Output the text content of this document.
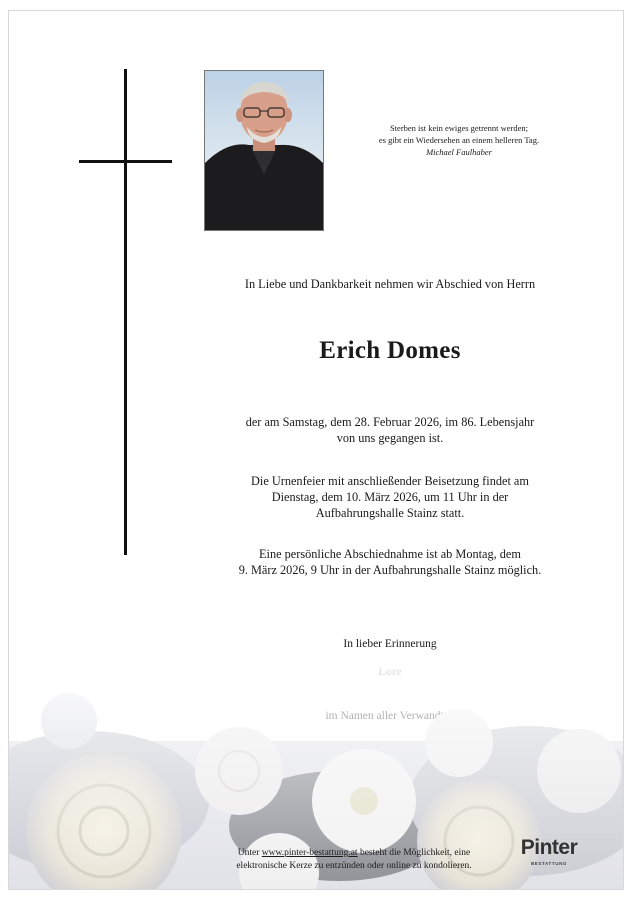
Sterben ist kein ewiges getrennt werden;
es gibt ein Wiedersehen an einem helleren Tag.
Michael Faulhaber
In Liebe und Dankbarkeit nehmen wir Abschied von Herrn
Erich Domes
der am Samstag, dem 28. Februar 2026, im 86. Lebensjahr
von uns gegangen ist.
Die Urnenfeier mit anschließender Beisetzung findet am
Dienstag, dem 10. März 2026, um 11 Uhr in der
Aufbahrungshalle Stainz statt.
Eine persönliche Abschiednahme ist ab Montag, dem
9. März 2026, 9 Uhr in der Aufbahrungshalle Stainz möglich.
In lieber Erinnerung
Unter www.pinter-bestattung.at besteht die Möglichkeit, eine
elektronische Kerze zu entzünden oder online zu kondolieren.
Pinter
BESTATTUNG
